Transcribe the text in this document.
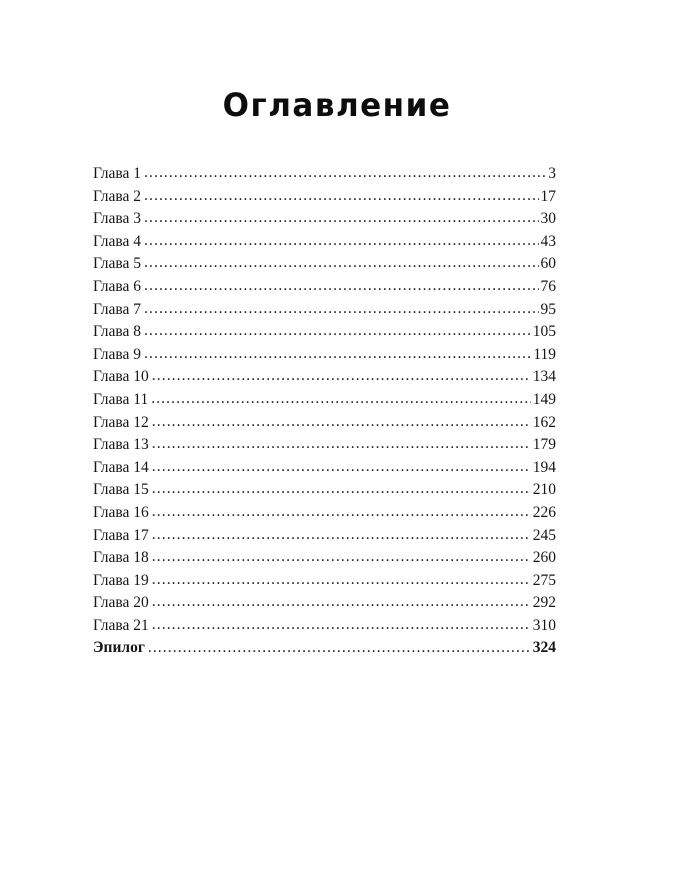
Оглавление
Глава 1 .....	3
Глава 2 .....	17
Глава 3 .....	30
Глава 4 .....	43
Глава 5 .....	60
Глава 6 .....	76
Глава 7 .....	95
Глава 8 .....	105
Глава 9 .....	119
Глава 10 .....	134
Глава 11 .....	149
Глава 12 .....	162
Глава 13 .....	179
Глава 14 .....	194
Глава 15 .....	210
Глава 16 .....	226
Глава 17 .....	245
Глава 18 .....	260
Глава 19 .....	275
Глава 20 .....	292
Глава 21 .....	310
Эпилог .....	324
